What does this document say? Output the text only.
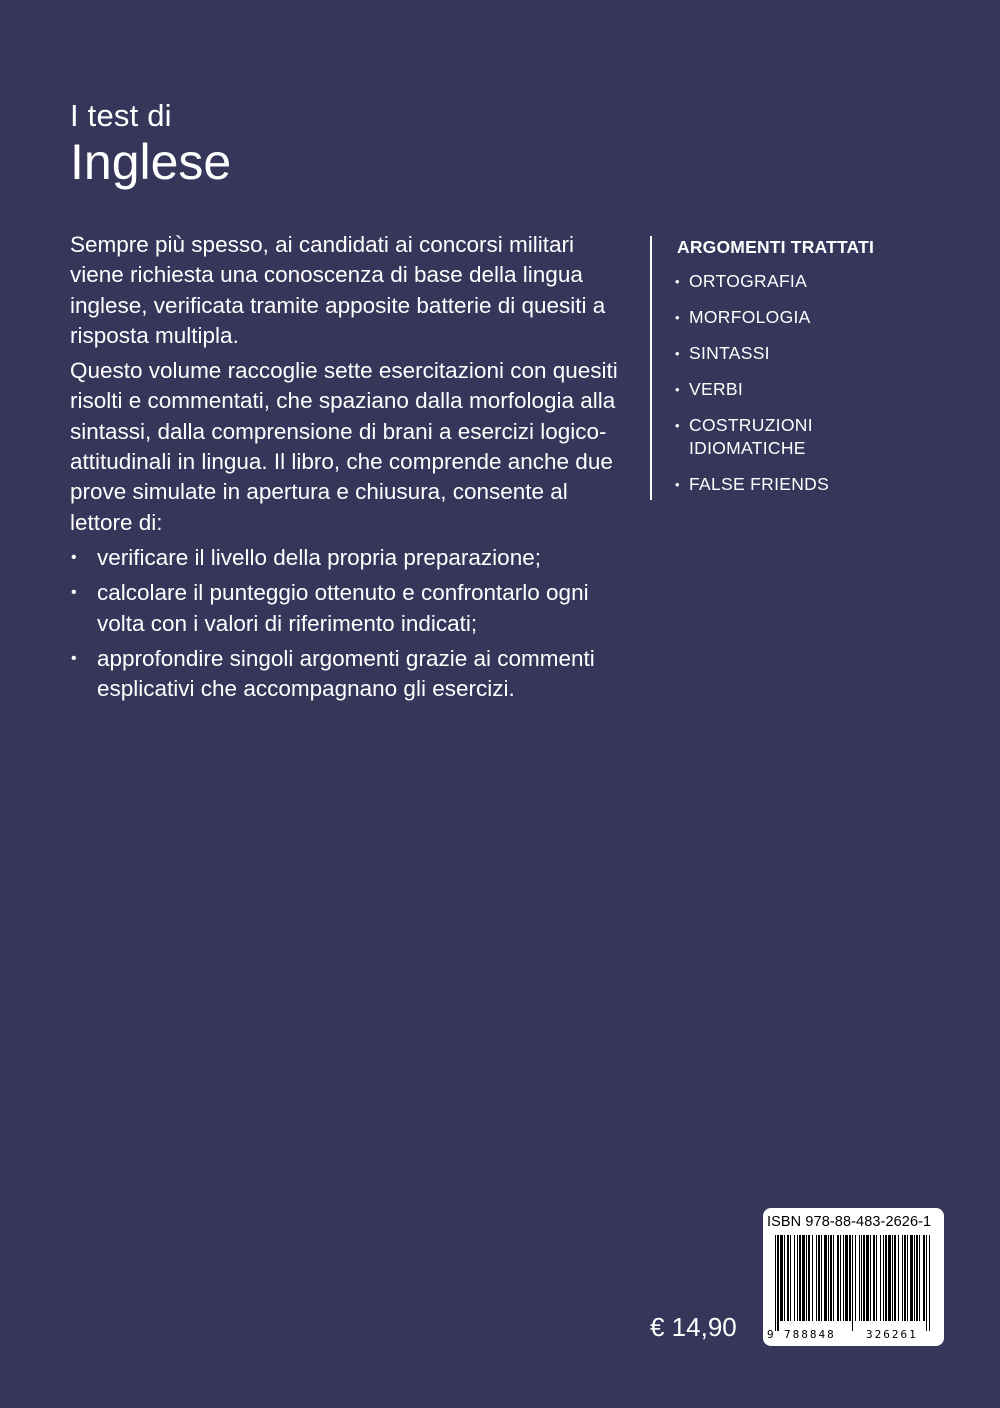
I test di
Inglese

Sempre più spesso, ai candidati ai concorsi militari viene richiesta una conoscenza di base della lingua inglese, verificata tramite apposite batterie di quesiti a risposta multipla.

Questo volume raccoglie sette esercitazioni con quesiti risolti e commentati, che spaziano dalla morfologia alla sintassi, dalla comprensione di brani a esercizi logico-attitudinali in lingua. Il libro, che comprende anche due prove simulate in apertura e chiusura, consente al lettore di:

• verificare il livello della propria preparazione;
• calcolare il punteggio ottenuto e confrontarlo ogni volta con i valori di riferimento indicati;
• approfondire singoli argomenti grazie ai commenti esplicativi che accompagnano gli esercizi.
ARGOMENTI TRATTATI
• ORTOGRAFIA
• MORFOLOGIA
• SINTASSI
• VERBI
• COSTRUZIONI IDIOMATICHE
• FALSE FRIENDS
€ 14,90
ISBN 978-88-483-2626-1
9 788848	326261
